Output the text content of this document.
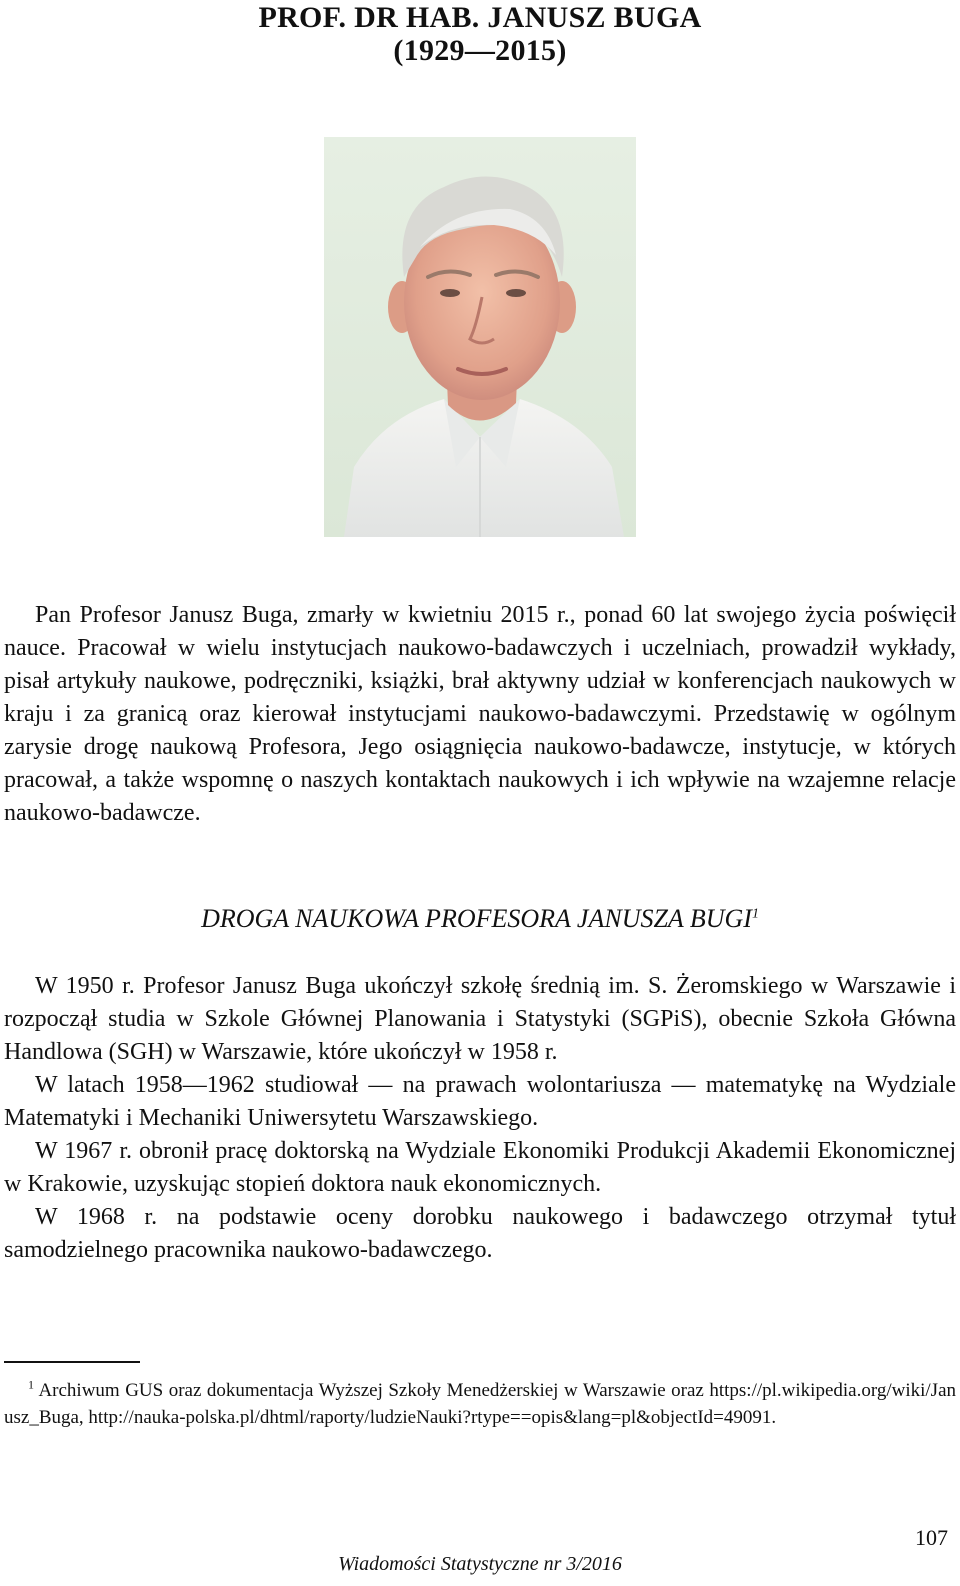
PROF. DR HAB. JANUSZ BUGA
(1929—2015)

Pan Profesor Janusz Buga, zmarły w kwietniu 2015 r., ponad 60 lat swojego życia poświęcił nauce. Pracował w wielu instytucjach naukowo-badawczych i uczelniach, prowadził wykłady, pisał artykuły naukowe, podręczniki, książki, brał aktywny udział w konferencjach naukowych w kraju i za granicą oraz kierował instytucjami naukowo-badawczymi. Przedstawię w ogólnym zarysie drogę naukową Profesora, Jego osiągnięcia naukowo-badawcze, instytucje, w których pracował, a także wspomnę o naszych kontaktach naukowych i ich wpływie na wzajemne relacje naukowo-badawcze.

DROGA NAUKOWA PROFESORA JANUSZA BUGI$^1$

W 1950 r. Profesor Janusz Buga ukończył szkołę średnią im. S. Żeromskiego w Warszawie i rozpoczął studia w Szkole Głównej Planowania i Statystyki (SGPiS), obecnie Szkoła Główna Handlowa (SGH) w Warszawie, które ukończył w 1958 r.

W latach 1958—1962 studiował — na prawach wolontariusza — matematykę na Wydziale Matematyki i Mechaniki Uniwersytetu Warszawskiego.

W 1967 r. obronił pracę doktorską na Wydziale Ekonomiki Produkcji Akademii Ekonomicznej w Krakowie, uzyskując stopień doktora nauk ekonomicznych.

W 1968 r. na podstawie oceny dorobku naukowego i badawczego otrzymał tytuł samodzielnego pracownika naukowo-badawczego.

$^1$ Archiwum GUS oraz dokumentacja Wyższej Szkoły Menedżerskiej w Warszawie oraz https://pl.wikipedia.org/wiki/Janusz_Buga, http://nauka-polska.pl/dhtml/raporty/ludzieNauki?rtype==opis&lang=pl&objectId=49091.

107
Wiadomości Statystyczne nr 3/2016
